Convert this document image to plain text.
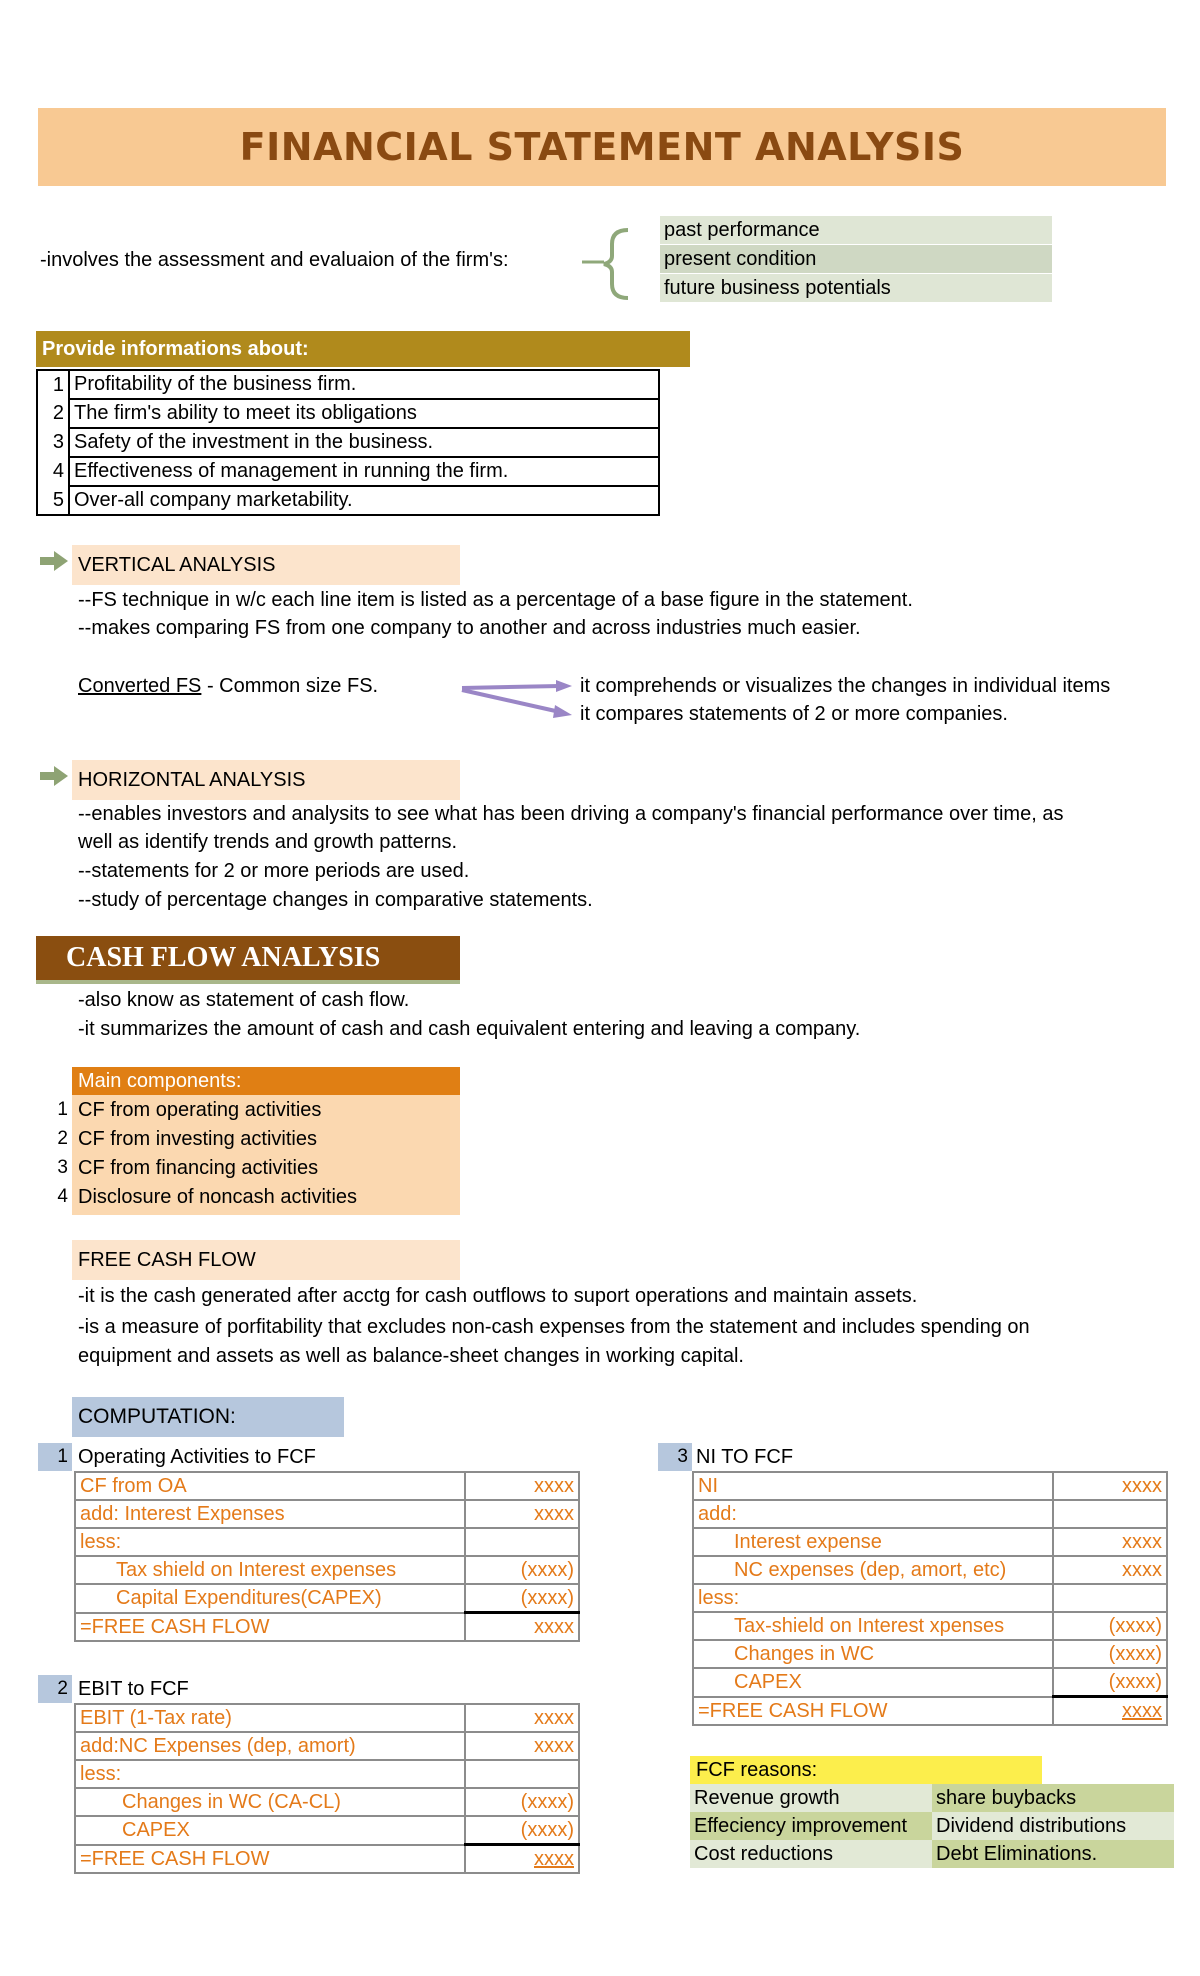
FINANCIAL STATEMENT ANALYSIS
-involves the assessment and evaluaion of the firm's:
past performance
present condition
future business potentials
Provide informations about:
1	Profitability of the business firm.
2	The firm's ability to meet its obligations
3	Safety of the investment in the business.
4	Effectiveness of management in running the firm.
5	Over-all company marketability.
VERTICAL ANALYSIS
--FS technique in w/c each line item is listed as a percentage of a base figure in the statement.
--makes comparing FS from one company to another and across industries much easier.
Converted FS - Common size FS.	it comprehends or visualizes the changes in individual items
it compares statements of 2 or more companies.
HORIZONTAL ANALYSIS
--enables investors and analysits to see what has been driving a company's financial performance over time, as
well as identify trends and growth patterns.
--statements for 2 or more periods are used.
--study of percentage changes in comparative statements.
CASH FLOW ANALYSIS
-also know as statement of cash flow.
-it summarizes the amount of cash and cash equivalent entering and leaving a company.
Main components:
1 CF from operating activities
2 CF from investing activities
3 CF from financing activities
4 Disclosure of noncash activities
FREE CASH FLOW
-it is the cash generated after acctg for cash outflows to suport operations and maintain assets.
-is a measure of porfitability that excludes non-cash expenses from the statement and includes spending on
equipment and assets as well as balance-sheet changes in working capital.
COMPUTATION:
1 Operating Activities to FCF
CF from OA	xxxx
add: Interest Expenses	xxxx
less:	
Tax shield on Interest expenses	(xxxx)
Capital Expenditures(CAPEX)	(xxxx)
=FREE CASH FLOW	xxxx
2 EBIT to FCF
EBIT (1-Tax rate)	xxxx
add:NC Expenses (dep, amort)	xxxx
less:	
Changes in WC (CA-CL)	(xxxx)
CAPEX	(xxxx)
=FREE CASH FLOW	xxxx
3 NI TO FCF
NI	xxxx
add:	
Interest expense	xxxx
NC expenses (dep, amort, etc)	xxxx
less:	
Tax-shield on Interest xpenses	(xxxx)
Changes in WC	(xxxx)
CAPEX	(xxxx)
=FREE CASH FLOW	xxxx
FCF reasons:
Revenue growth	share buybacks
Effeciency improvement	Dividend distributions
Cost reductions	Debt Eliminations.
